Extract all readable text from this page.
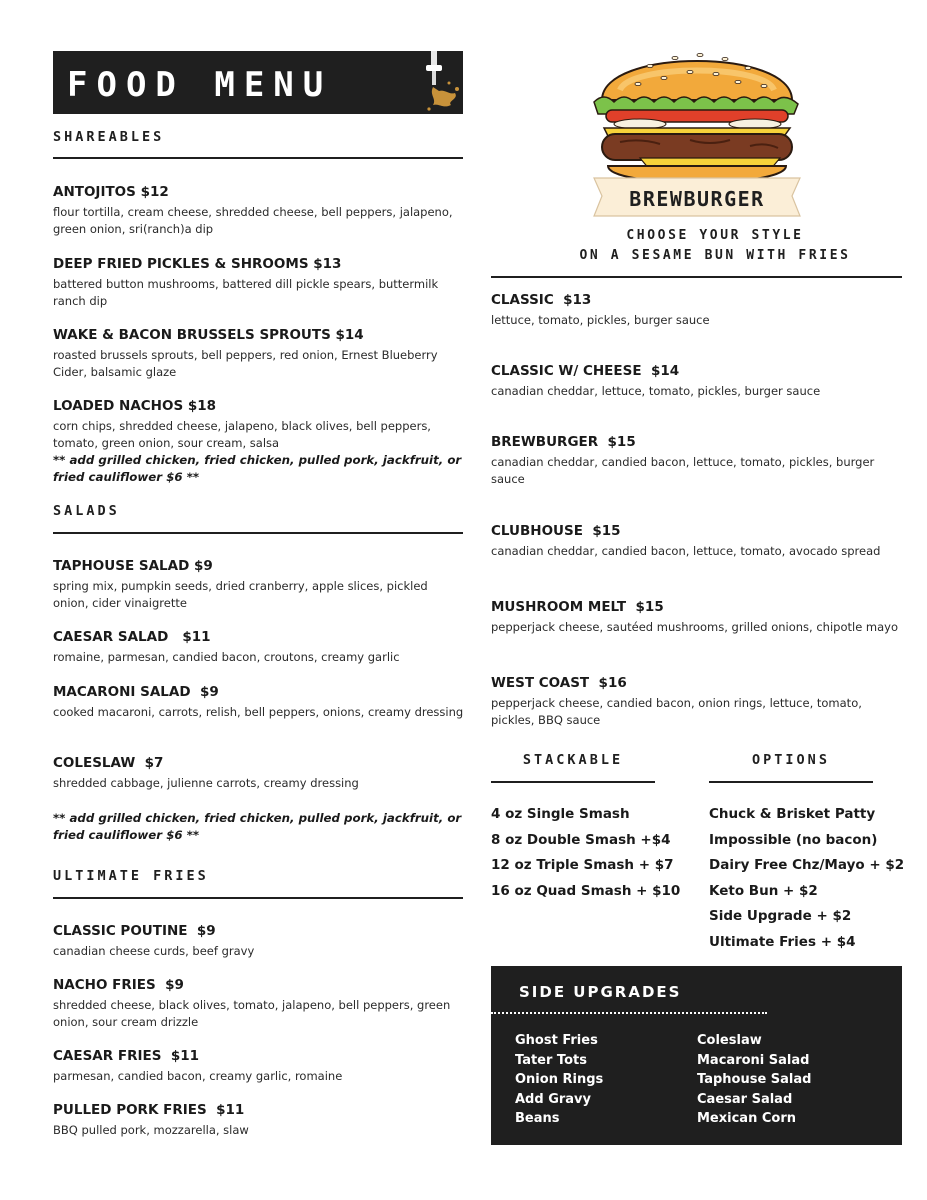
FOOD MENU
SHAREABLES
ANTOJITOS $12
flour tortilla, cream cheese, shredded cheese, bell peppers, jalapeno, green onion, sri(ranch)a dip
DEEP FRIED PICKLES & SHROOMS $13
battered button mushrooms, battered dill pickle spears, buttermilk ranch dip
WAKE & BACON BRUSSELS SPROUTS $14
roasted brussels sprouts, bell peppers, red onion, Ernest Blueberry Cider, balsamic glaze
LOADED NACHOS $18
corn chips, shredded cheese, jalapeno, black olives, bell peppers, tomato, green onion, sour cream, salsa
** add grilled chicken, fried chicken, pulled pork, jackfruit, or fried cauliflower $6 **
SALADS
TAPHOUSE SALAD $9
spring mix, pumpkin seeds, dried cranberry, apple slices, pickled onion, cider vinaigrette
CAESAR SALAD   $11
romaine, parmesan, candied bacon, croutons, creamy garlic
MACARONI SALAD  $9
cooked macaroni, carrots, relish, bell peppers, onions, creamy dressing
COLESLAW  $7
shredded cabbage, julienne carrots, creamy dressing
** add grilled chicken, fried chicken, pulled pork, jackfruit, or fried cauliflower $6 **
ULTIMATE FRIES
CLASSIC POUTINE  $9
canadian cheese curds, beef gravy
NACHO FRIES  $9
shredded cheese, black olives, tomato, jalapeno, bell peppers, green onion, sour cream drizzle
CAESAR FRIES  $11
parmesan, candied bacon, creamy garlic, romaine
PULLED PORK FRIES  $11
BBQ pulled pork, mozzarella, slaw
BREWBURGER
CHOOSE YOUR STYLE
ON A SESAME BUN WITH FRIES
CLASSIC  $13
lettuce, tomato, pickles, burger sauce
CLASSIC W/ CHEESE  $14
canadian cheddar, lettuce, tomato, pickles, burger sauce
BREWBURGER  $15
canadian cheddar, candied bacon, lettuce, tomato, pickles, burger sauce
CLUBHOUSE  $15
canadian cheddar, candied bacon, lettuce, tomato, avocado spread
MUSHROOM MELT  $15
pepperjack cheese, sautéed mushrooms, grilled onions, chipotle mayo
WEST COAST  $16
pepperjack cheese, candied bacon, onion rings, lettuce, tomato, pickles, BBQ sauce
STACKABLE	OPTIONS
4 oz Single Smash
8 oz Double Smash +$4
12 oz Triple Smash + $7
16 oz Quad Smash + $10
Chuck & Brisket Patty
Impossible (no bacon)
Dairy Free Chz/Mayo + $2
Keto Bun + $2
Side Upgrade + $2
Ultimate Fries + $4
SIDE UPGRADES
Ghost Fries
Tater Tots
Onion Rings
Add Gravy
Beans
Coleslaw
Macaroni Salad
Taphouse Salad
Caesar Salad
Mexican Corn
